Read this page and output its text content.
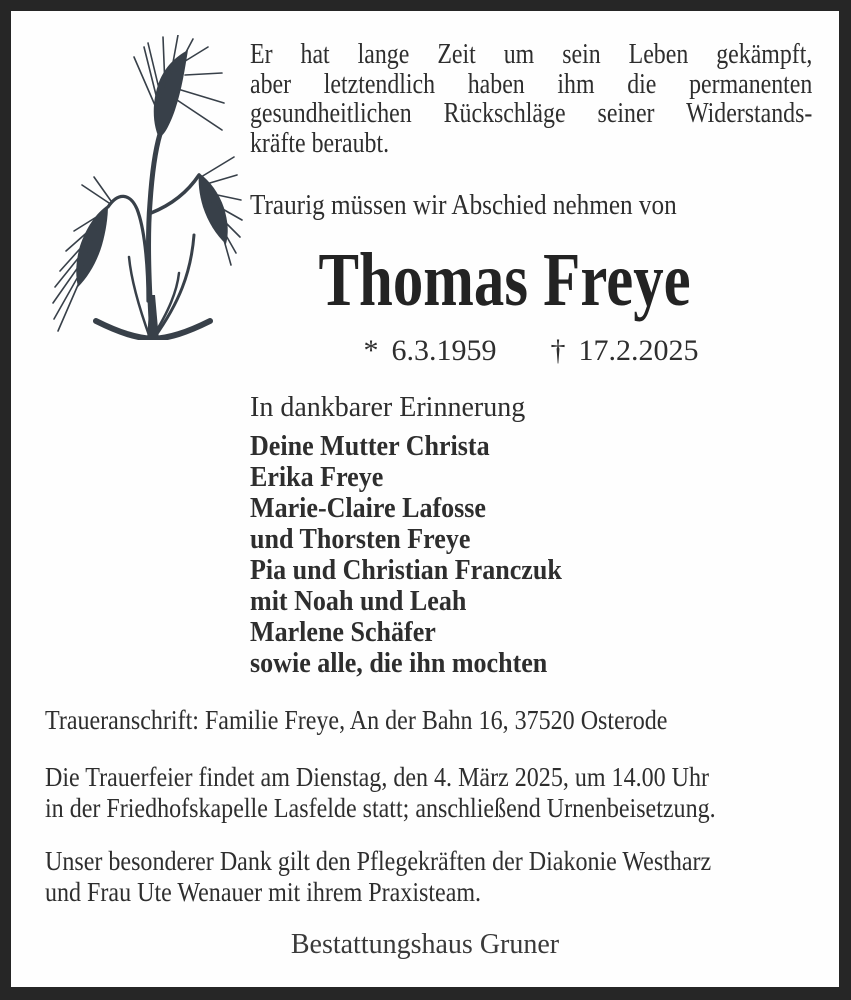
Er hat lange Zeit um sein Leben gekämpft,
aber letztendlich haben ihm die permanenten
gesundheitlichen Rückschläge seiner Widerstands-
kräfte beraubt.
Traurig müssen wir Abschied nehmen von
Thomas Freye
* 6.3.1959 † 17.2.2025
In dankbarer Erinnerung
Deine Mutter Christa
Erika Freye
Marie-Claire Lafosse
und Thorsten Freye
Pia und Christian Franczuk
mit Noah und Leah
Marlene Schäfer
sowie alle, die ihn mochten
Traueranschrift: Familie Freye, An der Bahn 16, 37520 Osterode
Die Trauerfeier findet am Dienstag, den 4. März 2025, um 14.00 Uhr
in der Friedhofskapelle Lasfelde statt; anschließend Urnenbeisetzung.
Unser besonderer Dank gilt den Pflegekräften der Diakonie Westharz
und Frau Ute Wenauer mit ihrem Praxisteam.
Bestattungshaus Gruner
